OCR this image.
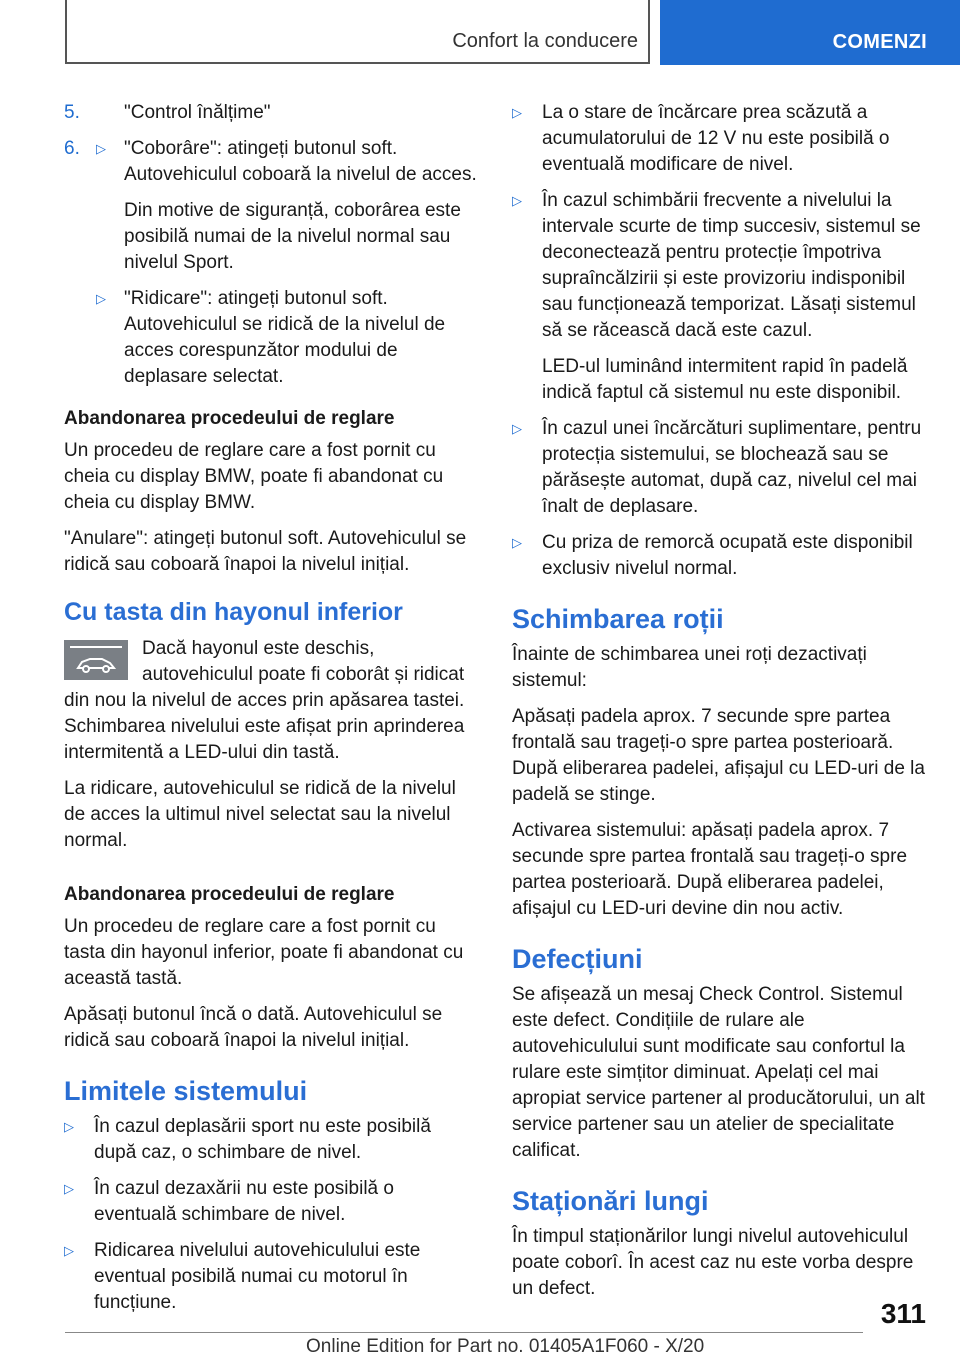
Confort la conducere	COMENZI
5. "Control înălțime"
6. ▷ "Coborâre": atingeți butonul soft. Autovehiculul coboară la nivelul de acces.

Din motive de siguranță, coborârea este posibilă numai de la nivelul normal sau nivelul Sport.

▷ "Ridicare": atingeți butonul soft. Autovehiculul se ridică de la nivelul de acces corespunzător modului de deplasare selectat.

Abandonarea procedeului de reglare

Un procedeu de reglare care a fost pornit cu cheia cu display BMW, poate fi abandonat cu cheia cu display BMW.

"Anulare": atingeți butonul soft. Autovehiculul se ridică sau coboară înapoi la nivelul inițial.

Cu tasta din hayonul inferior

Dacă hayonul este deschis, autovehiculul poate fi coborât și ridicat din nou la nivelul de acces prin apăsarea tastei. Schimbarea nivelului este afișat prin aprinderea intermitentă a LED-ului din tastă.

La ridicare, autovehiculul se ridică de la nivelul de acces la ultimul nivel selectat sau la nivelul normal.

Abandonarea procedeului de reglare

Un procedeu de reglare care a fost pornit cu tasta din hayonul inferior, poate fi abandonat cu această tastă.

Apăsați butonul încă o dată. Autovehiculul se ridică sau coboară înapoi la nivelul inițial.

Limitele sistemului
▷ În cazul deplasării sport nu este posibilă după caz, o schimbare de nivel.
▷ În cazul dezaxării nu este posibilă o eventuală schimbare de nivel.
▷ Ridicarea nivelului autovehiculului este eventual posibilă numai cu motorul în funcțiune.
▷ La o stare de încărcare prea scăzută a acumulatorului de 12 V nu este posibilă o eventuală modificare de nivel.
▷ În cazul schimbării frecvente a nivelului la intervale scurte de timp succesiv, sistemul se deconectează pentru protecție împotriva supraîncălzirii și este provizoriu indisponibil sau funcționează temporizat. Lăsați sistemul să se răcească dacă este cazul.

LED-ul luminând intermitent rapid în padelă indică faptul că sistemul nu este disponibil.

▷ În cazul unei încărcături suplimentare, pentru protecția sistemului, se blochează sau se părăsește automat, după caz, nivelul cel mai înalt de deplasare.
▷ Cu priza de remorcă ocupată este disponibil exclusiv nivelul normal.
Schimbarea roții

Înainte de schimbarea unei roți dezactivați sistemul:

Apăsați padela aprox. 7 secunde spre partea frontală sau trageți-o spre partea posterioară. După eliberarea padelei, afișajul cu LED-uri de la padelă se stinge.

Activarea sistemului: apăsați padela aprox. 7 secunde spre partea frontală sau trageți-o spre partea posterioară. După eliberarea padelei, afișajul cu LED-uri devine din nou activ.

Defecțiuni

Se afișează un mesaj Check Control. Sistemul este defect. Condițiile de rulare ale autovehiculului sunt modificate sau confortul la rulare este simțitor diminuat. Apelați cel mai apropiat service partener al producătorului, un alt service partener sau un atelier de specialitate calificat.

Staționări lungi

În timpul staționărilor lungi nivelul autovehiculul poate coborî. În acest caz nu este vorba despre un defect.

311
Online Edition for Part no. 01405A1F060 - X/20
